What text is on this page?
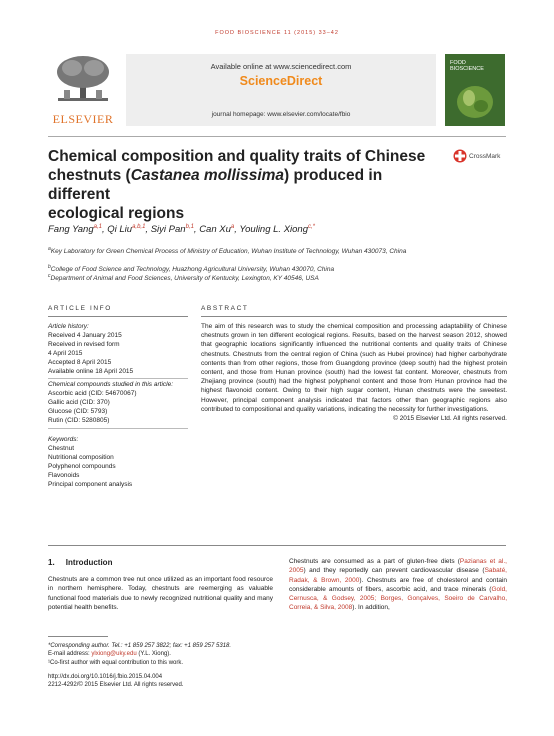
FOOD BIOSCIENCE 11 (2015) 33–42
ELSEVIER
Available online at www.sciencedirect.com
ScienceDirect
journal homepage: www.elsevier.com/locate/fbio
FOOD
BIOSCIENCE
Chemical composition and quality traits of Chinese
chestnuts (Castanea mollissima) produced in different
ecological regions
CrossMark
Fang Yang$^{a,1}$, Qi Liu$^{a,b,1}$, Siyi Pan$^{b,1}$, Can Xu$^a$, Youling L. Xiong$^{c,*}$
$^a$Key Laboratory for Green Chemical Process of Ministry of Education, Wuhan Institute of Technology, Wuhan 430073, China
$^b$College of Food Science and Technology, Huazhong Agricultural University, Wuhan 430070, China
$^c$Department of Animal and Food Sciences, University of Kentucky, Lexington, KY 40546, USA
ARTICLE INFO	ABSTRACT
Article history:
Received 4 January 2015
Received in revised form
4 April 2015
Accepted 8 April 2015
Available online 18 April 2015
Chemical compounds studied in this article:
Ascorbic acid (CID: 54670067)
Gallic acid (CID: 370)
Glucose (CID: 5793)
Rutin (CID: 5280805)
Keywords:
Chestnut
Nutritional composition
Polyphenol compounds
Flavonoids
Principal component analysis
The aim of this research was to study the chemical composition and processing adaptability of Chinese chestnuts grown in ten different ecological regions. Results, based on the harvest season 2012, showed that geographic locations significantly influenced the nutritional contents and quality traits of Chinese chestnuts. Chestnuts from the central region of China (such as Hubei province) had higher carbohydrate contents than from other regions, those from Guangdong province (deep south) had the highest protein content, and those from Hunan province (south) had the lowest fat content. Moreover, chestnuts from Zhejiang province (south) had the highest polyphenol content and those from Hunan province had the highest flavonoid content. Owing to their high sugar content, Hunan chestnuts were the sweetest. However, principal component analysis indicated that factors other than geographic regions also contributed to compositional and quality variations, indicating the necessity for further investigations.
© 2015 Elsevier Ltd. All rights reserved.
1. Introduction
Chestnuts are a common tree nut once utilized as an important food resource in northern hemisphere. Today, chestnuts are reemerging as valuable functional food materials due to newly recognized nutritional quality and many potential health benefits.
Chestnuts are consumed as a part of gluten-free diets (Pazianas et al., 2005) and they reportedly can prevent cardiovascular disease (Sabaté, Radak, & Brown, 2000). Chestnuts are free of cholesterol and contain considerable amounts of fibers, ascorbic acid, and trace minerals (Gold, Cernusca, & Godsey, 2005; Borges, Gonçalves, Soeiro de Carvalho, Correia, & Silva, 2008). In addition,
*Corresponding author. Tel.: +1 859 257 3822; fax: +1 859 257 5318.
E-mail address: ylxiong@uky.edu (Y.L. Xiong).
¹Co-first author with equal contribution to this work.
http://dx.doi.org/10.1016/j.fbio.2015.04.004
2212-4292/© 2015 Elsevier Ltd. All rights reserved.
